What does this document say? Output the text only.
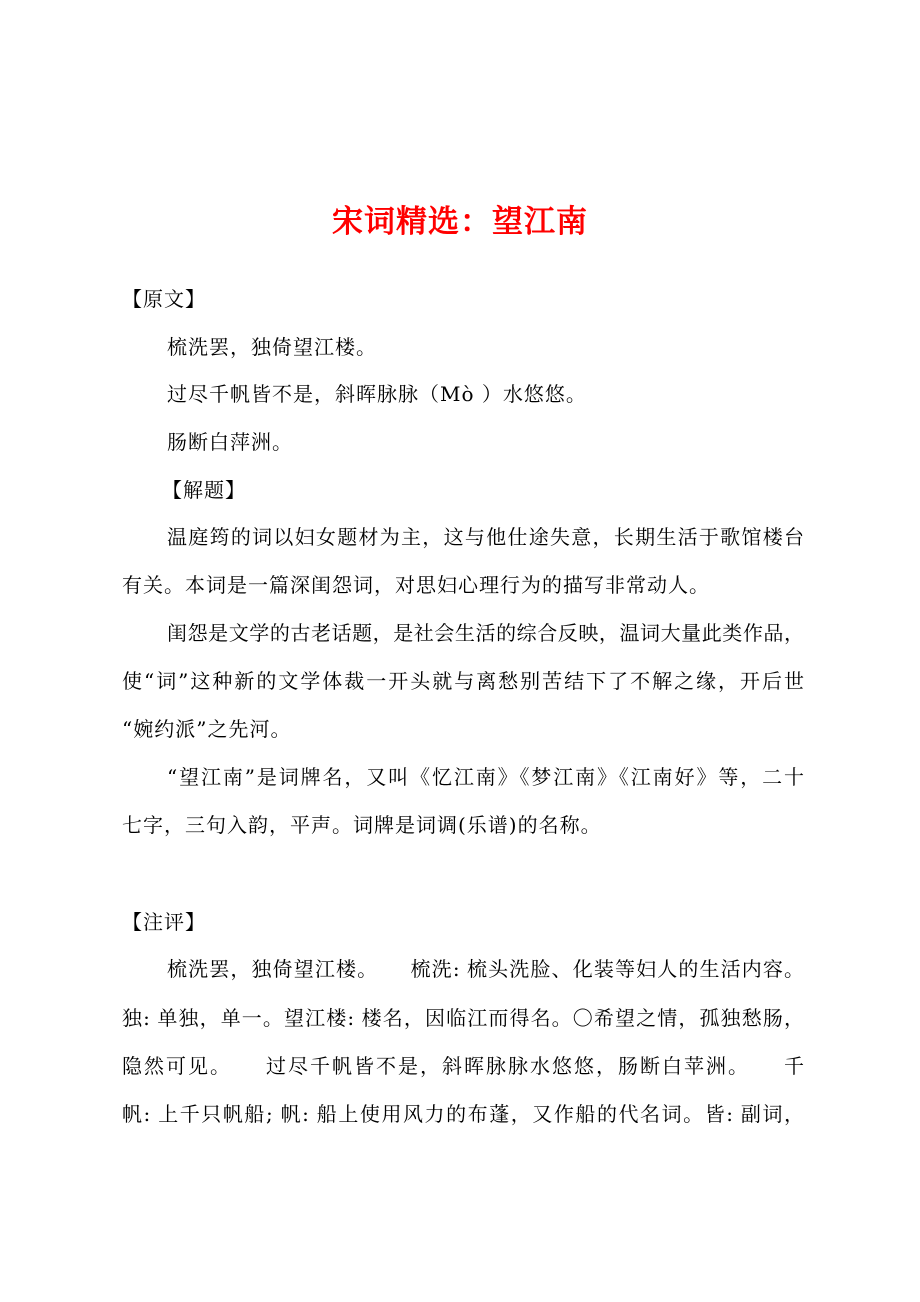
宋词精选：望江南
【原文】
梳洗罢，独倚望江楼。
过尽千帆皆不是，斜晖脉脉（Mò ）水悠悠。
肠断白萍洲。
【解题】
温庭筠的词以妇女题材为主，这与他仕途失意，长期生活于歌馆楼台
有关。本词是一篇深闺怨词，对思妇心理行为的描写非常动人。
闺怨是文学的古老话题，是社会生活的综合反映，温词大量此类作品，
使“词”这种新的文学体裁一开头就与离愁别苦结下了不解之缘，开后世
“婉约派”之先河。
“望江南”是词牌名，又叫《忆江南》《梦江南》《江南好》等，二十
七字，三句入韵，平声。词牌是词调(乐谱)的名称。
【注评】
梳洗罢，独倚望江楼。　　梳洗: 梳头洗脸、化装等妇人的生活内容。
独: 单独，单一。望江楼: 楼名，因临江而得名。〇希望之情，孤独愁肠，
隐然可见。　　过尽千帆皆不是，斜晖脉脉水悠悠，肠断白苹洲。　　千
帆: 上千只帆船; 帆: 船上使用风力的布蓬，又作船的代名词。皆: 副词，
